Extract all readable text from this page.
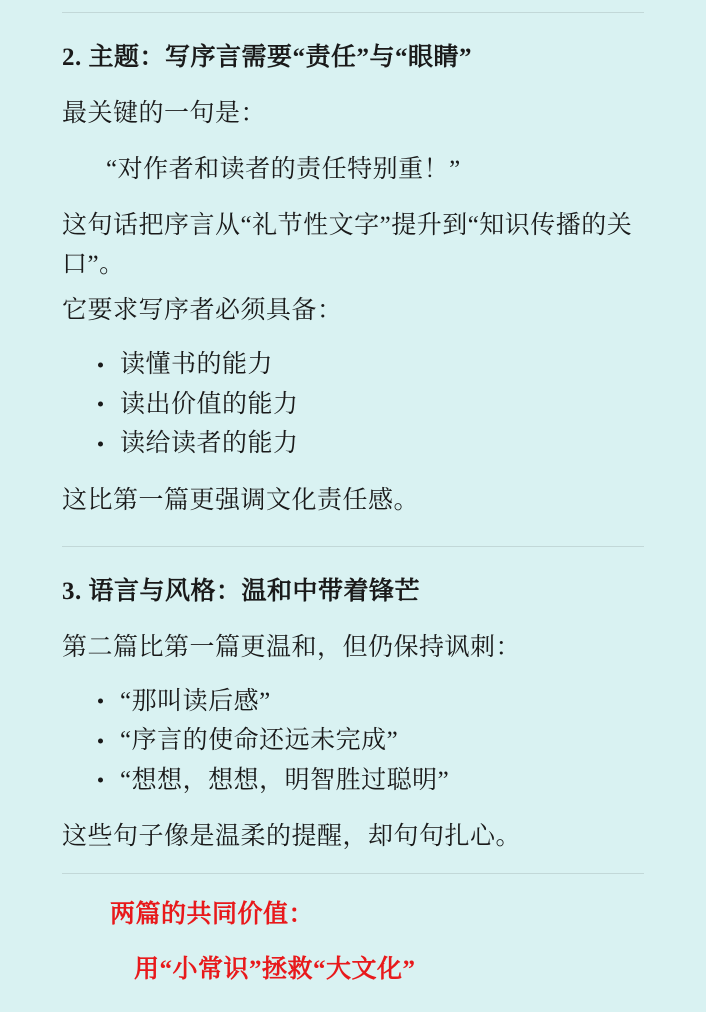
2. 主题：写序言需要“责任”与“眼睛”

最关键的一句是：

“对作者和读者的责任特别重！”

这句话把序言从“礼节性文字”提升到“知识传播的关口”。

它要求写序者必须具备：

读懂书的能力
读出价值的能力
读给读者的能力

这比第一篇更强调文化责任感。

3. 语言与风格：温和中带着锋芒

第二篇比第一篇更温和，但仍保持讽刺：

“那叫读后感”
“序言的使命还远未完成”
“想想，想想，明智胜过聪明”

这些句子像是温柔的提醒，却句句扎心。

两篇的共同价值：

用“小常识”拯救“大文化”
